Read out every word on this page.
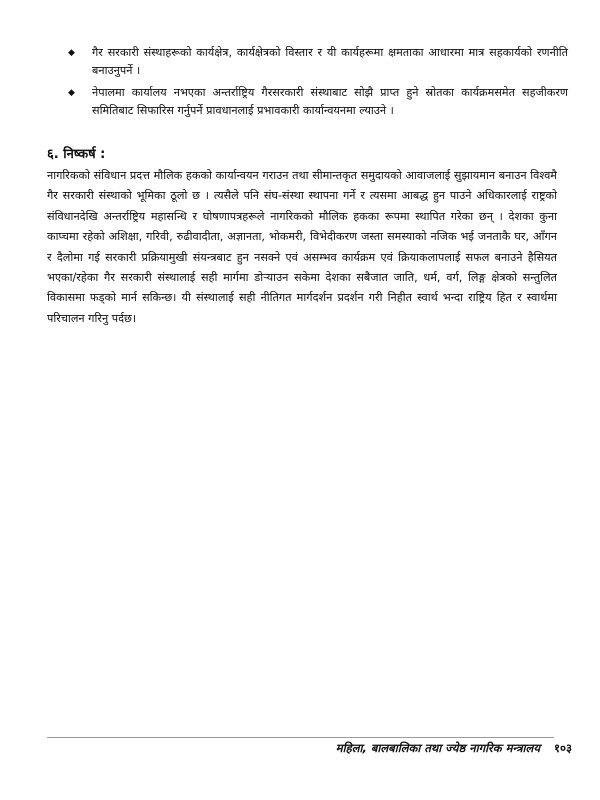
◆ गैर सरकारी संस्थाहरूको कार्यक्षेत्र, कार्यक्षेत्रको विस्तार र यी कार्यहरूमा क्षमताका आधारमा मात्र सहकार्यको रणनीति बनाउनुपर्ने ।
◆ नेपालमा कार्यालय नभएका अन्तर्राष्ट्रिय गैरसरकारी संस्थाबाट सोझै प्राप्त हुने स्रोतका कार्यक्रमसमेत सहजीकरण समितिबाट सिफारिस गर्नुपर्ने प्रावधानलाई प्रभावकारी कार्यान्वयनमा ल्याउने ।
६. निष्कर्ष :

नागरिकको संविधान प्रदत्त मौलिक हकको कार्यान्वयन गराउन तथा सीमान्तकृत समुदायको आवाजलाई सुझायमान बनाउन विश्वमै गैर सरकारी संस्थाको भूमिका ठूलो छ । त्यसैले पनि संघ-संस्था स्थापना गर्ने र त्यसमा आबद्ध हुन पाउने अधिकारलाई राष्ट्रको संविधानदेखि अन्तर्राष्ट्रिय महासन्धि र घोषणापत्रहरूले नागरिकको मौलिक हकका रूपमा स्थापित गरेका छन् । देशका कुना काप्चमा रहेको अशिक्षा, गरिवी, रुढीवादीता, अज्ञानता, भोकमरी, विभेदीकरण जस्ता समस्याको नजिक भई जनताकै घर, आँगन र दैलोमा गई सरकारी प्रक्रियामुखी संयन्त्रबाट हुन नसक्ने एवं असम्भव कार्यक्रम एवं क्रियाकलापलाई सफल बनाउने हैसियत भएका/रहेका गैर सरकारी संस्थालाई सही मार्गमा डोऱ्याउन सकेमा देशका सबैजात जाति, धर्म, वर्ग, लिङ्ग क्षेत्रको सन्तुलित विकासमा फड्को मार्न सकिन्छ। यी संस्थालाई सही नीतिगत मार्गदर्शन प्रदर्शन गरी निहीत स्वार्थ भन्दा राष्ट्रिय हित र स्वार्थमा परिचालन गरिनु पर्दछ।

महिला, बालबालिका तथा ज्येष्ठ नागरिक मन्त्रालय १०३
